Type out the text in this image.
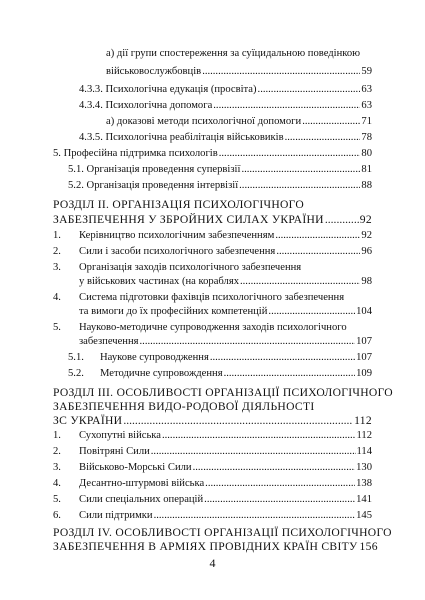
а) дії групи спостереження за суїцидальною поведінкою
військовослужбовців .....	59
4.3.3. Психологічна едукація (просвіта) .....	63
4.3.4. Психологічна допомога .....	63
а) доказові методи психологічної допомоги .....	71
4.3.5. Психологічна реабілітація військовиків .....	78
5. Професійна підтримка психологів .....	80
5.1. Організація проведення супервізії .....	81
5.2. Організація проведення інтервізії .....	88
РОЗДІЛ II. ОРГАНІЗАЦІЯ ПСИХОЛОГІЧНОГО
ЗАБЕЗПЕЧЕННЯ У ЗБРОЙНИХ СИЛАХ УКРАЇНИ .....	92
1. Керівництво психологічним забезпеченням .....	92
2. Сили і засоби психологічного забезпечення .....	96
3. Організація заходів психологічного забезпечення
у військових частинах (на кораблях .....	98
4. Система підготовки фахівців психологічного забезпечення
та вимоги до їх професійних компетенцій .....	104
5. Науково-методичне супроводження заходів психологічного
забезпечення .....	107
5.1. Наукове супроводження .....	107
5.2. Методичне супровождення .....	109
РОЗДІЛ III. ОСОБЛИВОСТІ ОРГАНІЗАЦІЇ ПСИХОЛОГІЧНОГО
ЗАБЕЗПЕЧЕННЯ ВИДО-РОДОВОЇ ДІЯЛЬНОСТІ
ЗС УКРАЇНИ .....	112
1. Сухопутні війська .....	112
2. Повітряні Сили .....	114
3. Військово-Морські Сили .....	130
4. Десантно-штурмові війська .....	138
5. Сили спеціальних операцій .....	141
6. Сили підтримки .....	145
РОЗДІЛ IV. ОСОБЛИВОСТІ ОРГАНІЗАЦІЇ ПСИХОЛОГІЧНОГО
ЗАБЕЗПЕЧЕННЯ В АРМІЯХ ПРОВІДНИХ КРАЇН СВІТУ 156
4
